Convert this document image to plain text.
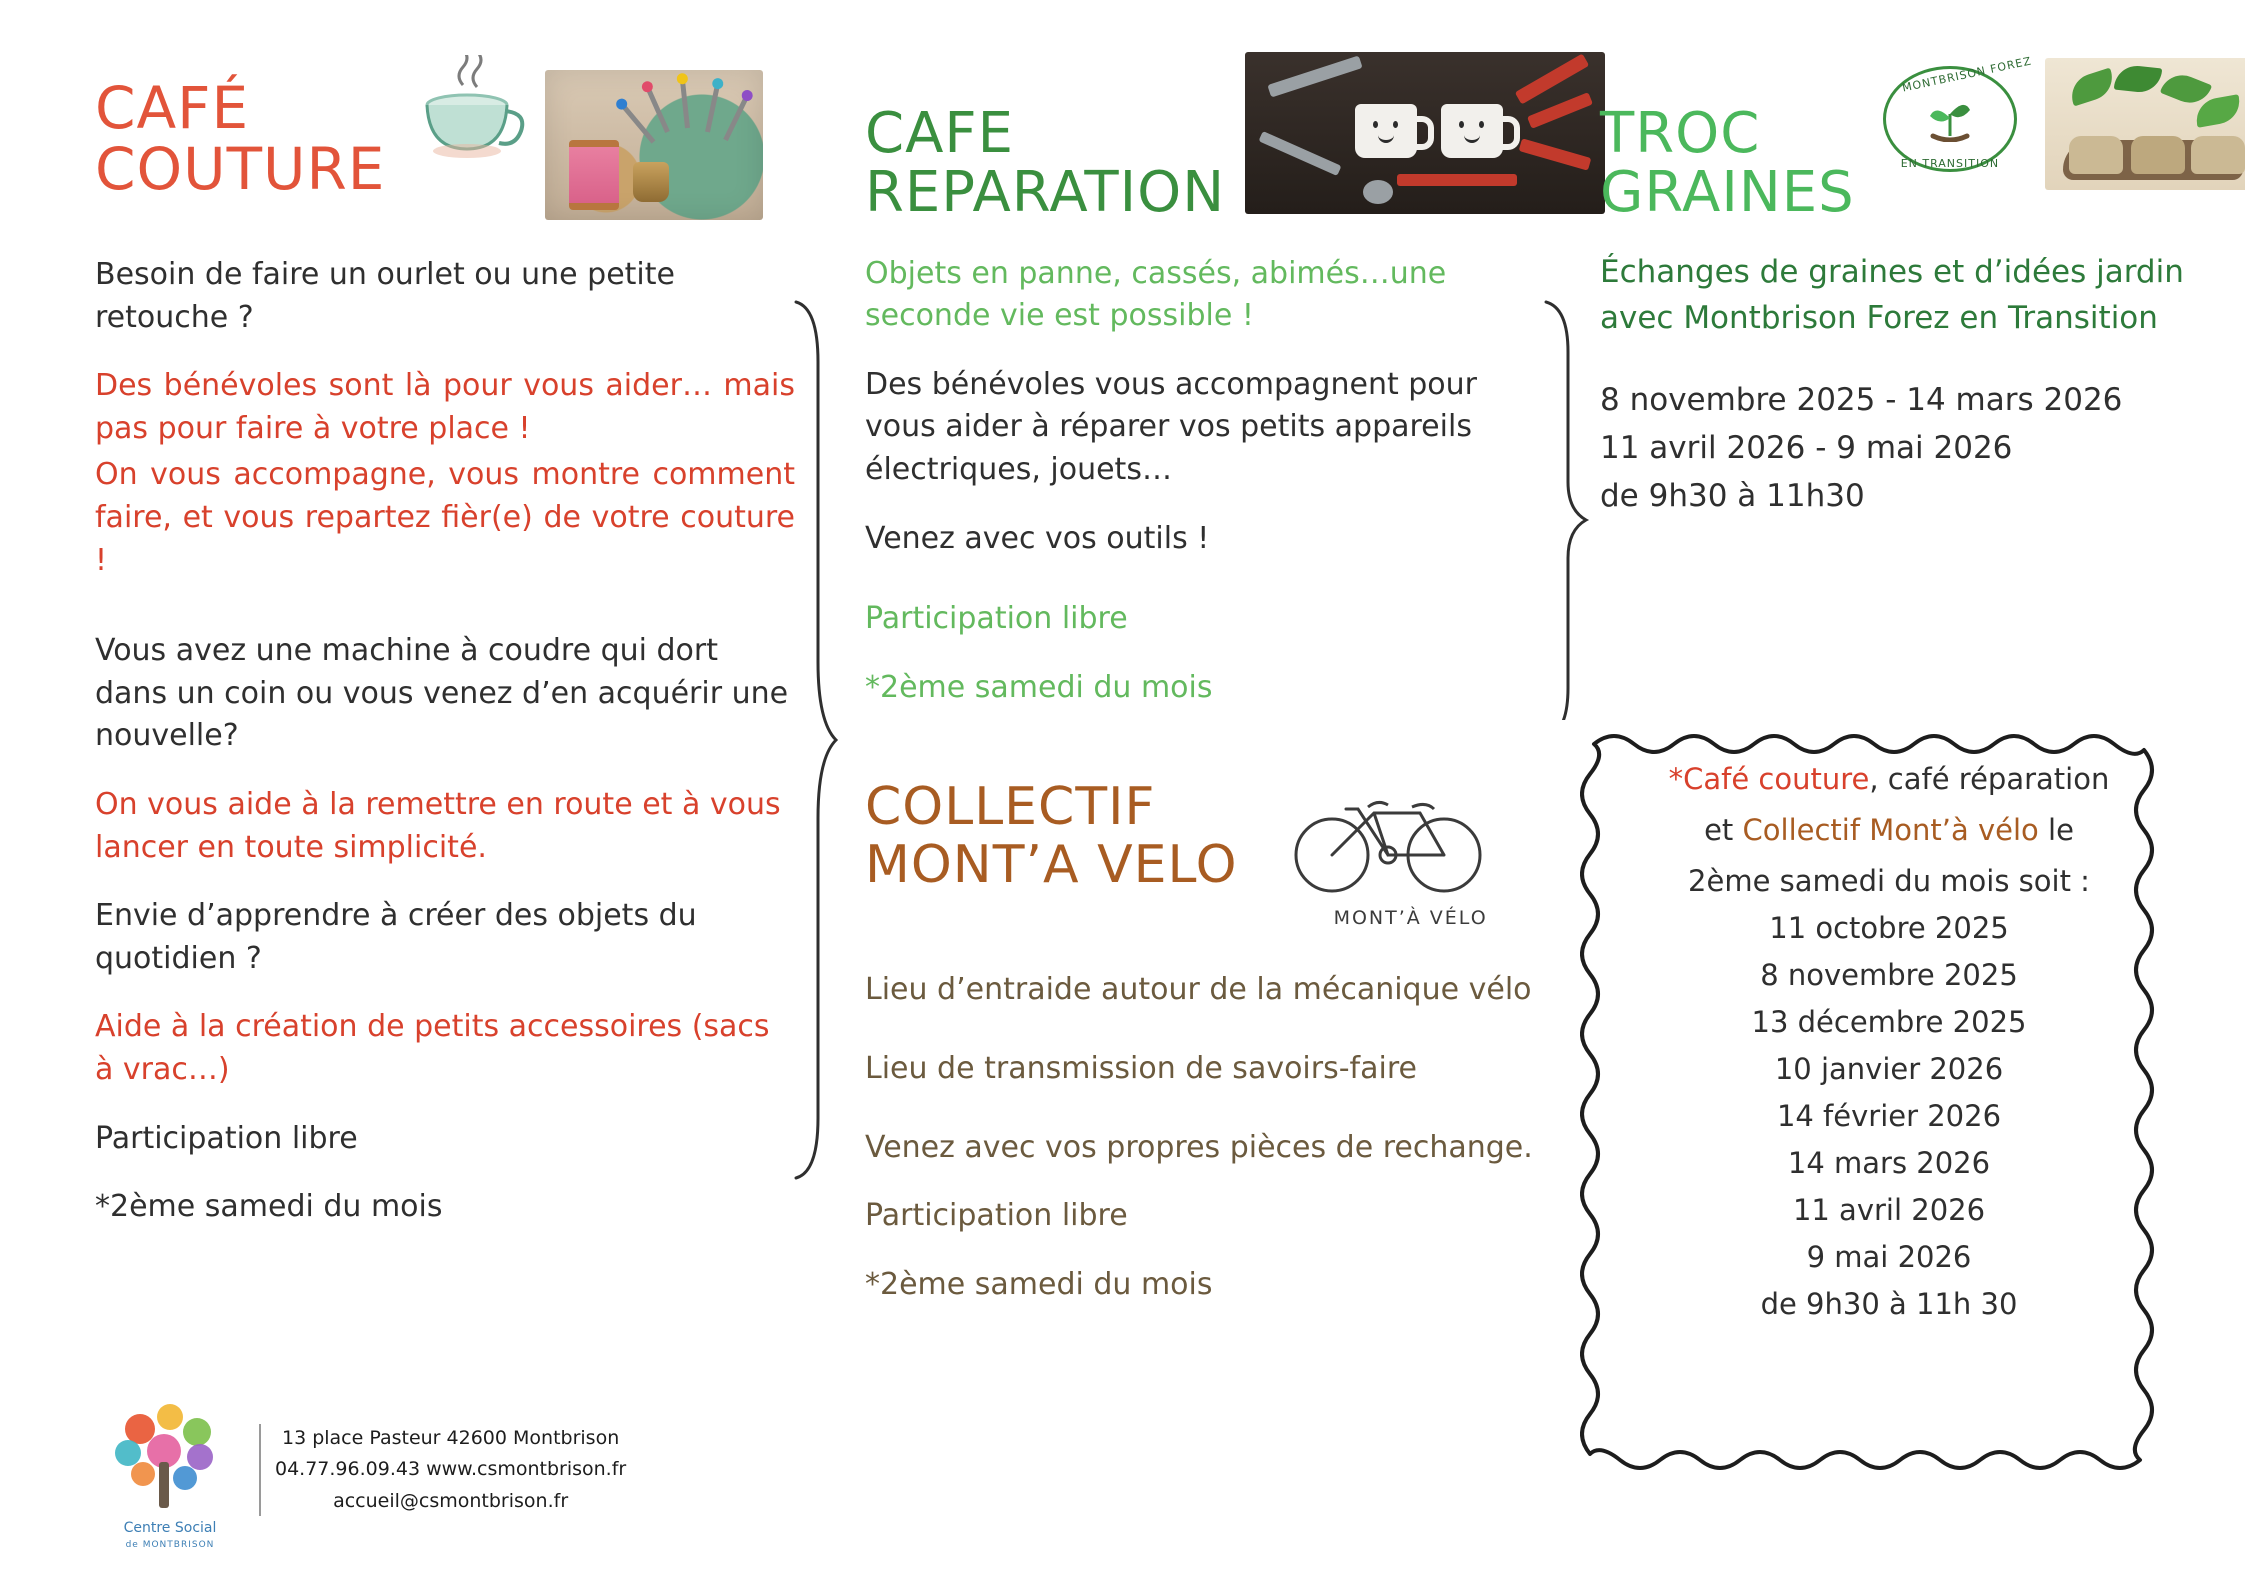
CAFÉ
COUTURE

Besoin de faire un ourlet ou une petite retouche ?

Des bénévoles sont là pour vous aider… mais pas pour faire à votre place !

On vous accompagne, vous montre comment faire, et vous repartez fièr(e) de votre couture !

Vous avez une machine à coudre qui dort dans un coin ou vous venez d’en acquérir une nouvelle?

On vous aide à la remettre en route et à vous lancer en toute simplicité.

Envie d’apprendre à créer des objets du quotidien ?

Aide à la création de petits accessoires (sacs à vrac…)

Participation libre

*2ème samedi du mois

CAFE
REPARATION

Objets en panne, cassés, abimés…une seconde vie est possible !

Des bénévoles vous accompagnent pour vous aider à réparer vos petits appareils électriques, jouets…

Venez avec vos outils !

Participation libre

*2ème samedi du mois

COLLECTIF
MONT’A VELO
MONT’À VÉLO

Lieu d’entraide autour de la mécanique vélo

Lieu de transmission de savoirs-faire

Venez avec vos propres pièces de rechange.

Participation libre

*2ème samedi du mois

TROC
GRAINES
MONTBRISON FOREZ
EN TRANSITION

Échanges de graines et d’idées jardin avec Montbrison Forez en Transition

8 novembre 2025 - 14 mars 2026
11 avril 2026 - 9 mai 2026
de 9h30 à 11h30
*Café couture, café réparation
et Collectif Mont’à vélo le
2ème samedi du mois soit :
11 octobre 2025
8 novembre 2025
13 décembre 2025
10 janvier 2026
14 février 2026
14 mars 2026
11 avril 2026
9 mai 2026
de 9h30 à 11h 30
Centre Social
de MONTBRISON
13 place Pasteur 42600 Montbrison
04.77.96.09.43 www.csmontbrison.fr
accueil@csmontbrison.fr
